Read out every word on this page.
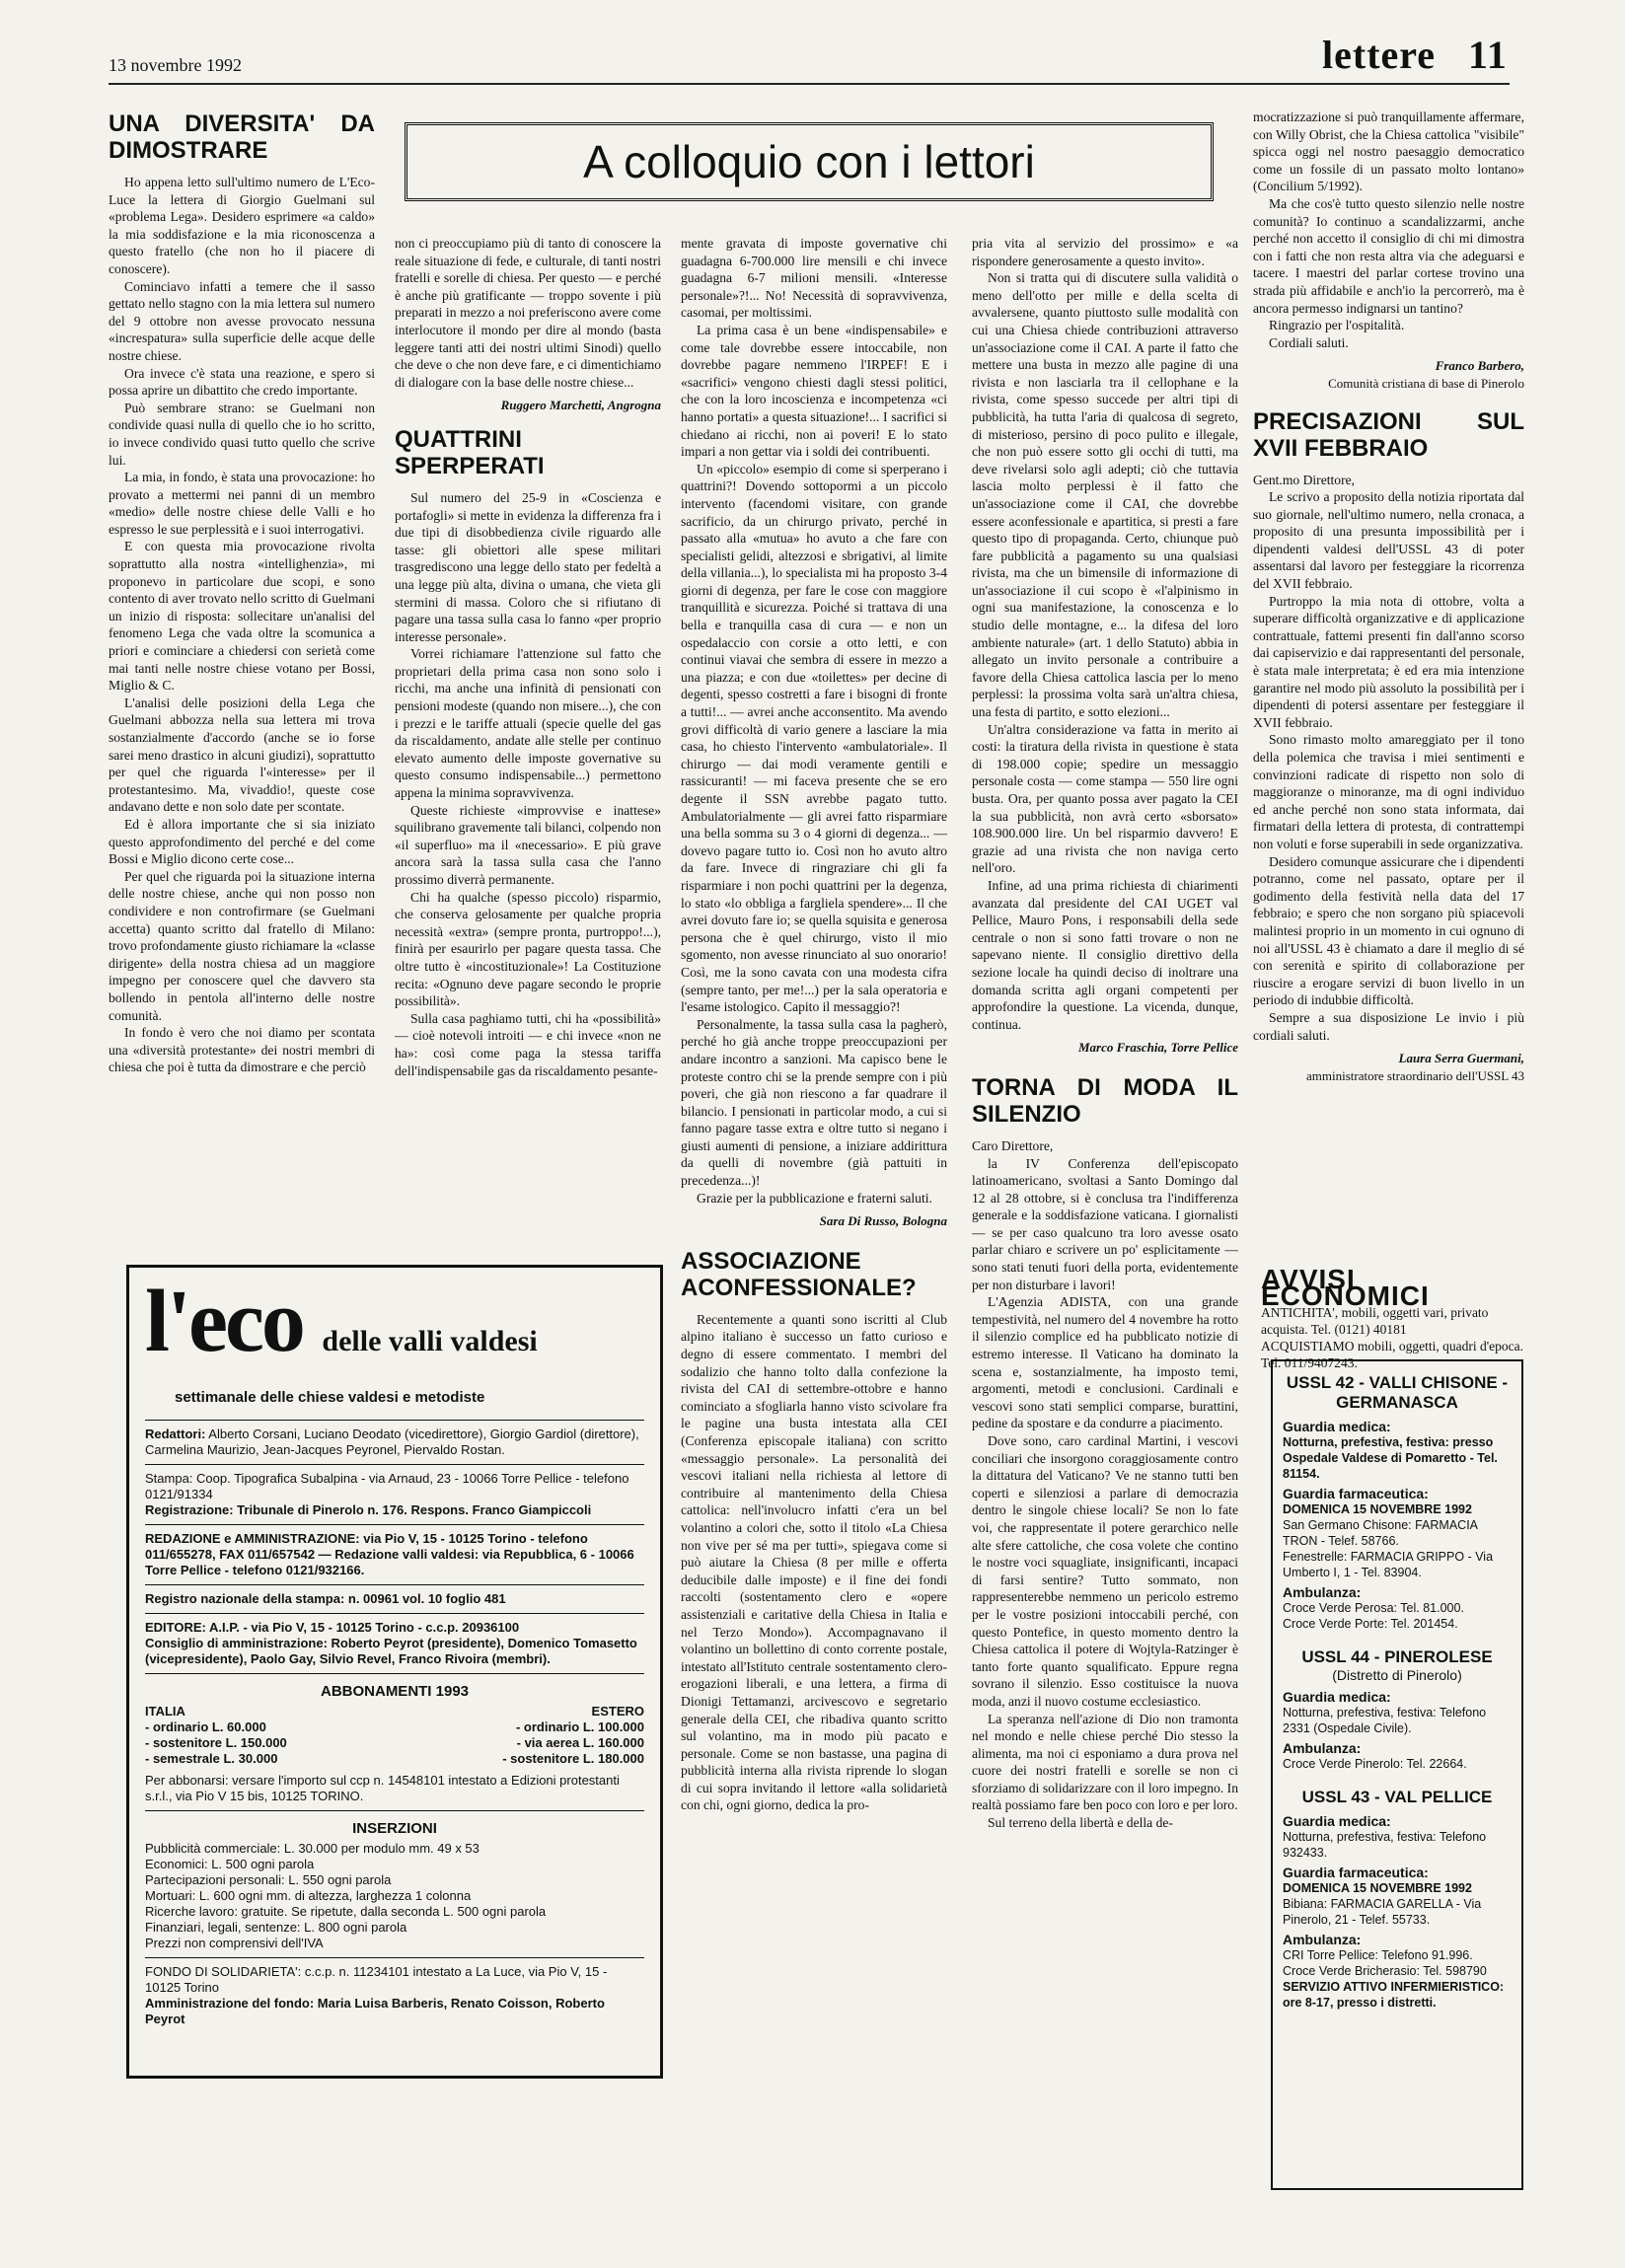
13 novembre 1992	lettere 11
A colloquio con i lettori
UNA DIVERSITA' DA DIMOSTRARE

Ho appena letto sull'ultimo numero de L'Eco-Luce la lettera di Giorgio Guelmani sul «problema Lega». Desidero esprimere «a caldo» la mia soddisfazione e la mia riconoscenza a questo fratello (che non ho il piacere di conoscere).

Cominciavo infatti a temere che il sasso gettato nello stagno con la mia lettera sul numero del 9 ottobre non avesse provocato nessuna «increspatura» sulla superficie delle acque delle nostre chiese.

Ora invece c'è stata una reazione, e spero si possa aprire un dibattito che credo importante.

Può sembrare strano: se Guelmani non condivide quasi nulla di quello che io ho scritto, io invece condivido quasi tutto quello che scrive lui.

La mia, in fondo, è stata una provocazione: ho provato a mettermi nei panni di un membro «medio» delle nostre chiese delle Valli e ho espresso le sue perplessità e i suoi interrogativi.

E con questa mia provocazione rivolta soprattutto alla nostra «intellighenzia», mi proponevo in particolare due scopi, e sono contento di aver trovato nello scritto di Guelmani un inizio di risposta: sollecitare un'analisi del fenomeno Lega che vada oltre la scomunica a priori e cominciare a chiedersi con serietà come mai tanti nelle nostre chiese votano per Bossi, Miglio & C.

L'analisi delle posizioni della Lega che Guelmani abbozza nella sua lettera mi trova sostanzialmente d'accordo (anche se io forse sarei meno drastico in alcuni giudizi), soprattutto per quel che riguarda l'«interesse» per il protestantesimo. Ma, vivaddio!, queste cose andavano dette e non solo date per scontate.

Ed è allora importante che si sia iniziato questo approfondimento del perché e del come Bossi e Miglio dicono certe cose...

Per quel che riguarda poi la situazione interna delle nostre chiese, anche qui non posso non condividere e non controfirmare (se Guelmani accetta) quanto scritto dal fratello di Milano: trovo profondamente giusto richiamare la «classe dirigente» della nostra chiesa ad un maggiore impegno per conoscere quel che davvero sta bollendo in pentola all'interno delle nostre comunità.

In fondo è vero che noi diamo per scontata una «diversità protestante» dei nostri membri di chiesa che poi è tutta da dimostrare e che perciò

non ci preoccupiamo più di tanto di conoscere la reale situazione di fede, e culturale, di tanti nostri fratelli e sorelle di chiesa. Per questo — e perché è anche più gratificante — troppo sovente i più preparati in mezzo a noi preferiscono avere come interlocutore il mondo per dire al mondo (basta leggere tanti atti dei nostri ultimi Sinodi) quello che deve o che non deve fare, e ci dimentichiamo di dialogare con la base delle nostre chiese...

Ruggero Marchetti, Angrogna
QUATTRINI SPERPERATI

Sul numero del 25-9 in «Coscienza e portafogli» si mette in evidenza la differenza fra i due tipi di disobbedienza civile riguardo alle tasse: gli obiettori alle spese militari trasgrediscono una legge dello stato per fedeltà a una legge più alta, divina o umana, che vieta gli stermini di massa. Coloro che si rifiutano di pagare una tassa sulla casa lo fanno «per proprio interesse personale».

Vorrei richiamare l'attenzione sul fatto che proprietari della prima casa non sono solo i ricchi, ma anche una infinità di pensionati con pensioni modeste (quando non misere...), che con i prezzi e le tariffe attuali (specie quelle del gas da riscaldamento, andate alle stelle per continuo elevato aumento delle imposte governative su questo consumo indispensabile...) permettono appena la minima sopravvivenza.

Queste richieste «improvvise e inattese» squilibrano gravemente tali bilanci, colpendo non «il superfluo» ma il «necessario». E più grave ancora sarà la tassa sulla casa che l'anno prossimo diverrà permanente.

Chi ha qualche (spesso piccolo) risparmio, che conserva gelosamente per qualche propria necessità «extra» (sempre pronta, purtroppo!...), finirà per esaurirlo per pagare questa tassa. Che oltre tutto è «incostituzionale»! La Costituzione recita: «Ognuno deve pagare secondo le proprie possibilità».

Sulla casa paghiamo tutti, chi ha «possibilità» — cioè notevoli introiti — e chi invece «non ne ha»: così come paga la stessa tariffa dell'indispensabile gas da riscaldamento pesante-

mente gravata di imposte governative chi guadagna 6-700.000 lire mensili e chi invece guadagna 6-7 milioni mensili. «Interesse personale»?!... No! Necessità di sopravvivenza, casomai, per moltissimi.

La prima casa è un bene «indispensabile» e come tale dovrebbe essere intoccabile, non dovrebbe pagare nemmeno l'IRPEF! E i «sacrifici» vengono chiesti dagli stessi politici, che con la loro incoscienza e incompetenza «ci hanno portati» a questa situazione!... I sacrifici si chiedano ai ricchi, non ai poveri! E lo stato impari a non gettar via i soldi dei contribuenti.

Un «piccolo» esempio di come si sperperano i quattrini?! Dovendo sottopormi a un piccolo intervento (facendomi visitare, con grande sacrificio, da un chirurgo privato, perché in passato alla «mutua» ho avuto a che fare con specialisti gelidi, altezzosi e sbrigativi, al limite della villania...), lo specialista mi ha proposto 3-4 giorni di degenza, per fare le cose con maggiore tranquillità e sicurezza. Poiché si trattava di una bella e tranquilla casa di cura — e non un ospedalaccio con corsie a otto letti, e con continui viavai che sembra di essere in mezzo a una piazza; e con due «toilettes» per decine di degenti, spesso costretti a fare i bisogni di fronte a tutti!... — avrei anche acconsentito. Ma avendo grovi difficoltà di vario genere a lasciare la mia casa, ho chiesto l'intervento «ambulatoriale». Il chirurgo — dai modi veramente gentili e rassicuranti! — mi faceva presente che se ero degente il SSN avrebbe pagato tutto. Ambulatorialmente — gli avrei fatto risparmiare una bella somma su 3 o 4 giorni di degenza... — dovevo pagare tutto io. Così non ho avuto altro da fare. Invece di ringraziare chi gli fa risparmiare i non pochi quattrini per la degenza, lo stato «lo obbliga a fargliela spendere»... Il che avrei dovuto fare io; se quella squisita e generosa persona che è quel chirurgo, visto il mio sgomento, non avesse rinunciato al suo onorario! Così, me la sono cavata con una modesta cifra (sempre tanto, per me!...) per la sala operatoria e l'esame istologico. Capito il messaggio?!

Personalmente, la tassa sulla casa la pagherò, perché ho già anche troppe preoccupazioni per andare incontro a sanzioni. Ma capisco bene le proteste contro chi se la prende sempre con i più poveri, che già non riescono a far quadrare il bilancio. I pensionati in particolar modo, a cui si fanno pagare tasse extra e oltre tutto si negano i giusti aumenti di pensione, a iniziare addirittura da quelli di novembre (già pattuiti in precedenza...)!

Grazie per la pubblicazione e fraterni saluti.

Sara Di Russo, Bologna
ASSOCIAZIONE ACONFESSIONALE?

Recentemente a quanti sono iscritti al Club alpino italiano è successo un fatto curioso e degno di essere commentato. I membri del sodalizio che hanno tolto dalla confezione la rivista del CAI di settembre-ottobre e hanno cominciato a sfogliarla hanno visto scivolare fra le pagine una busta intestata alla CEI (Conferenza episcopale italiana) con scritto «messaggio personale». La personalità dei vescovi italiani nella richiesta al lettore di contribuire al mantenimento della Chiesa cattolica: nell'involucro infatti c'era un bel volantino a colori che, sotto il titolo «La Chiesa non vive per sé ma per tutti», spiegava come si può aiutare la Chiesa (8 per mille e offerta deducibile dalle imposte) e il fine dei fondi raccolti (sostentamento clero e «opere assistenziali e caritative della Chiesa in Italia e nel Terzo Mondo»). Accompagnavano il volantino un bollettino di conto corrente postale, intestato all'Istituto centrale sostentamento clero-erogazioni liberali, e una lettera, a firma di Dionigi Tettamanzi, arcivescovo e segretario generale della CEI, che ribadiva quanto scritto sul volantino, ma in modo più pacato e personale. Come se non bastasse, una pagina di pubblicità interna alla rivista riprende lo slogan di cui sopra invitando il lettore «alla solidarietà con chi, ogni giorno, dedica la pro-

pria vita al servizio del prossimo» e «a rispondere generosamente a questo invito».

Non si tratta qui di discutere sulla validità o meno dell'otto per mille e della scelta di avvalersene, quanto piuttosto sulle modalità con cui una Chiesa chiede contribuzioni attraverso un'associazione come il CAI. A parte il fatto che mettere una busta in mezzo alle pagine di una rivista e non lasciarla tra il cellophane e la rivista, come spesso succede per altri tipi di pubblicità, ha tutta l'aria di qualcosa di segreto, di misterioso, persino di poco pulito e illegale, che non può essere sotto gli occhi di tutti, ma deve rivelarsi solo agli adepti; ciò che tuttavia lascia molto perplessi è il fatto che un'associazione come il CAI, che dovrebbe essere aconfessionale e apartitica, si presti a fare questo tipo di propaganda. Certo, chiunque può fare pubblicità a pagamento su una qualsiasi rivista, ma che un bimensile di informazione di un'associazione il cui scopo è «l'alpinismo in ogni sua manifestazione, la conoscenza e lo studio delle montagne, e... la difesa del loro ambiente naturale» (art. 1 dello Statuto) abbia in allegato un invito personale a contribuire a favore della Chiesa cattolica lascia per lo meno perplessi: la prossima volta sarà un'altra chiesa, una festa di partito, e sotto elezioni...

Un'altra considerazione va fatta in merito ai costi: la tiratura della rivista in questione è stata di 198.000 copie; spedire un messaggio personale costa — come stampa — 550 lire ogni busta. Ora, per quanto possa aver pagato la CEI la sua pubblicità, non avrà certo «sborsato» 108.900.000 lire. Un bel risparmio davvero! E grazie ad una rivista che non naviga certo nell'oro.

Infine, ad una prima richiesta di chiarimenti avanzata dal presidente del CAI UGET val Pellice, Mauro Pons, i responsabili della sede centrale o non si sono fatti trovare o non ne sapevano niente. Il consiglio direttivo della sezione locale ha quindi deciso di inoltrare una domanda scritta agli organi competenti per approfondire la questione. La vicenda, dunque, continua.

Marco Fraschia, Torre Pellice
TORNA DI MODA IL SILENZIO

Caro Direttore,

la IV Conferenza dell'episcopato latinoamericano, svoltasi a Santo Domingo dal 12 al 28 ottobre, si è conclusa tra l'indifferenza generale e la soddisfazione vaticana. I giornalisti — se per caso qualcuno tra loro avesse osato parlar chiaro e scrivere un po' esplicitamente — sono stati tenuti fuori della porta, evidentemente per non disturbare i lavori!

L'Agenzia ADISTA, con una grande tempestività, nel numero del 4 novembre ha rotto il silenzio complice ed ha pubblicato notizie di estremo interesse. Il Vaticano ha dominato la scena e, sostanzialmente, ha imposto temi, argomenti, metodi e conclusioni. Cardinali e vescovi sono stati semplici comparse, burattini, pedine da spostare e da condurre a piacimento.

Dove sono, caro cardinal Martini, i vescovi conciliari che insorgono coraggiosamente contro la dittatura del Vaticano? Ve ne stanno tutti ben coperti e silenziosi a parlare di democrazia dentro le singole chiese locali? Se non lo fate voi, che rappresentate il potere gerarchico nelle alte sfere cattoliche, che cosa volete che contino le nostre voci squagliate, insignificanti, incapaci di farsi sentire? Tutto sommato, non rappresenterebbe nemmeno un pericolo estremo per le vostre posizioni intoccabili perché, con questo Pontefice, in questo momento dentro la Chiesa cattolica il potere di Wojtyla-Ratzinger è tanto forte quanto squalificato. Eppure regna sovrano il silenzio. Esso costituisce la nuova moda, anzi il nuovo costume ecclesiastico.

La speranza nell'azione di Dio non tramonta nel mondo e nelle chiese perché Dio stesso la alimenta, ma noi ci esponiamo a dura prova nel cuore dei nostri fratelli e sorelle se non ci sforziamo di solidarizzare con il loro impegno. In realtà possiamo fare ben poco con loro e per loro.

Sul terreno della libertà e della de-

mocratizzazione si può tranquillamente affermare, con Willy Obrist, che la Chiesa cattolica "visibile" spicca oggi nel nostro paesaggio democratico come un fossile di un passato molto lontano» (Concilium 5/1992).

Ma che cos'è tutto questo silenzio nelle nostre comunità? Io continuo a scandalizzarmi, anche perché non accetto il consiglio di chi mi dimostra con i fatti che non resta altra via che adeguarsi e tacere. I maestri del parlar cortese trovino una strada più affidabile e anch'io la percorrerò, ma è ancora permesso indignarsi un tantino?

Ringrazio per l'ospitalità.

Cordiali saluti.

Franco Barbero,
Comunità cristiana di base di Pinerolo
PRECISAZIONI SUL XVII FEBBRAIO

Gent.mo Direttore,

Le scrivo a proposito della notizia riportata dal suo giornale, nell'ultimo numero, nella cronaca, a proposito di una presunta impossibilità per i dipendenti valdesi dell'USSL 43 di poter assentarsi dal lavoro per festeggiare la ricorrenza del XVII febbraio.

Purtroppo la mia nota di ottobre, volta a superare difficoltà organizzative e di applicazione contrattuale, fattemi presenti fin dall'anno scorso dai capiservizio e dai rappresentanti del personale, è stata male interpretata; è ed era mia intenzione garantire nel modo più assoluto la possibilità per i dipendenti di potersi assentare per festeggiare il XVII febbraio.

Sono rimasto molto amareggiato per il tono della polemica che travisa i miei sentimenti e convinzioni radicate di rispetto non solo di maggioranze o minoranze, ma di ogni individuo ed anche perché non sono stata informata, dai firmatari della lettera di protesta, di contrattempi non voluti e forse superabili in sede organizzativa.

Desidero comunque assicurare che i dipendenti potranno, come nel passato, optare per il godimento della festività nella data del 17 febbraio; e spero che non sorgano più spiacevoli malintesi proprio in un momento in cui ognuno di noi all'USSL 43 è chiamato a dare il meglio di sé con serenità e spirito di collaborazione per riuscire a erogare servizi di buon livello in un periodo di indubbie difficoltà.

Sempre a sua disposizione Le invio i più cordiali saluti.

Laura Serra Guermani,
amministratore straordinario dell'USSL 43
AVVISI ECONOMICI
ANTICHITA', mobili, oggetti vari, privato acquista. Tel. (0121) 40181
ACQUISTIAMO mobili, oggetti, quadri d'epoca. Tel. 011/9407243.
USSL 42 - VALLI CHISONE - GERMANASCA
Guardia medica:
Notturna, prefestiva, festiva: presso Ospedale Valdese di Pomaretto - Tel. 81154.
Guardia farmaceutica:
DOMENICA 15 NOVEMBRE 1992
San Germano Chisone: FARMACIA TRON - Telef. 58766.
Fenestrelle: FARMACIA GRIPPO - Via Umberto I, 1 - Tel. 83904.
Ambulanza:
Croce Verde Perosa: Tel. 81.000.
Croce Verde Porte: Tel. 201454.
USSL 44 - PINEROLESE
(Distretto di Pinerolo)
Guardia medica:
Notturna, prefestiva, festiva: Telefono 2331 (Ospedale Civile).
Ambulanza:
Croce Verde Pinerolo: Tel. 22664.
USSL 43 - VAL PELLICE
Guardia medica:
Notturna, prefestiva, festiva: Telefono 932433.
Guardia farmaceutica:
DOMENICA 15 NOVEMBRE 1992
Bibiana: FARMACIA GARELLA - Via Pinerolo, 21 - Telef. 55733.
Ambulanza:
CRI Torre Pellice: Telefono 91.996.
Croce Verde Bricherasio: Tel. 598790
SERVIZIO ATTIVO INFERMIERISTICO: ore 8-17, presso i distretti.
l'eco delle valli valdesi
settimanale delle chiese valdesi e metodiste
Redattori: Alberto Corsani, Luciano Deodato (vicedirettore), Giorgio Gardiol (direttore), Carmelina Maurizio, Jean-Jacques Peyronel, Piervaldo Rostan.
Stampa: Coop. Tipografica Subalpina - via Arnaud, 23 - 10066 Torre Pellice - telefono 0121/91334
Registrazione: Tribunale di Pinerolo n. 176. Respons. Franco Giampiccoli
REDAZIONE e AMMINISTRAZIONE: via Pio V, 15 - 10125 Torino - telefono 011/655278, FAX 011/657542 — Redazione valli valdesi: via Repubblica, 6 - 10066 Torre Pellice - telefono 0121/932166.
Registro nazionale della stampa: n. 00961 vol. 10 foglio 481
EDITORE: A.I.P. - via Pio V, 15 - 10125 Torino - c.c.p. 20936100
Consiglio di amministrazione: Roberto Peyrot (presidente), Domenico Tomasetto (vicepresidente), Paolo Gay, Silvio Revel, Franco Rivoira (membri).
ABBONAMENTI 1993
ITALIA
- ordinario L. 60.000
- sostenitore L. 150.000
- semestrale L. 30.000
ESTERO
- ordinario L. 100.000
- via aerea L. 160.000
- sostenitore L. 180.000
Per abbonarsi: versare l'importo sul ccp n. 14548101 intestato a Edizioni protestanti s.r.l., via Pio V 15 bis, 10125 TORINO.
INSERZIONI
Pubblicità commerciale: L. 30.000 per modulo mm. 49 x 53
Economici: L. 500 ogni parola
Partecipazioni personali: L. 550 ogni parola
Mortuari: L. 600 ogni mm. di altezza, larghezza 1 colonna
Ricerche lavoro: gratuite. Se ripetute, dalla seconda L. 500 ogni parola
Finanziari, legali, sentenze: L. 800 ogni parola
Prezzi non comprensivi dell'IVA
FONDO DI SOLIDARIETA': c.c.p. n. 11234101 intestato a La Luce, via Pio V, 15 - 10125 Torino
Amministrazione del fondo: Maria Luisa Barberis, Renato Coisson, Roberto Peyrot
